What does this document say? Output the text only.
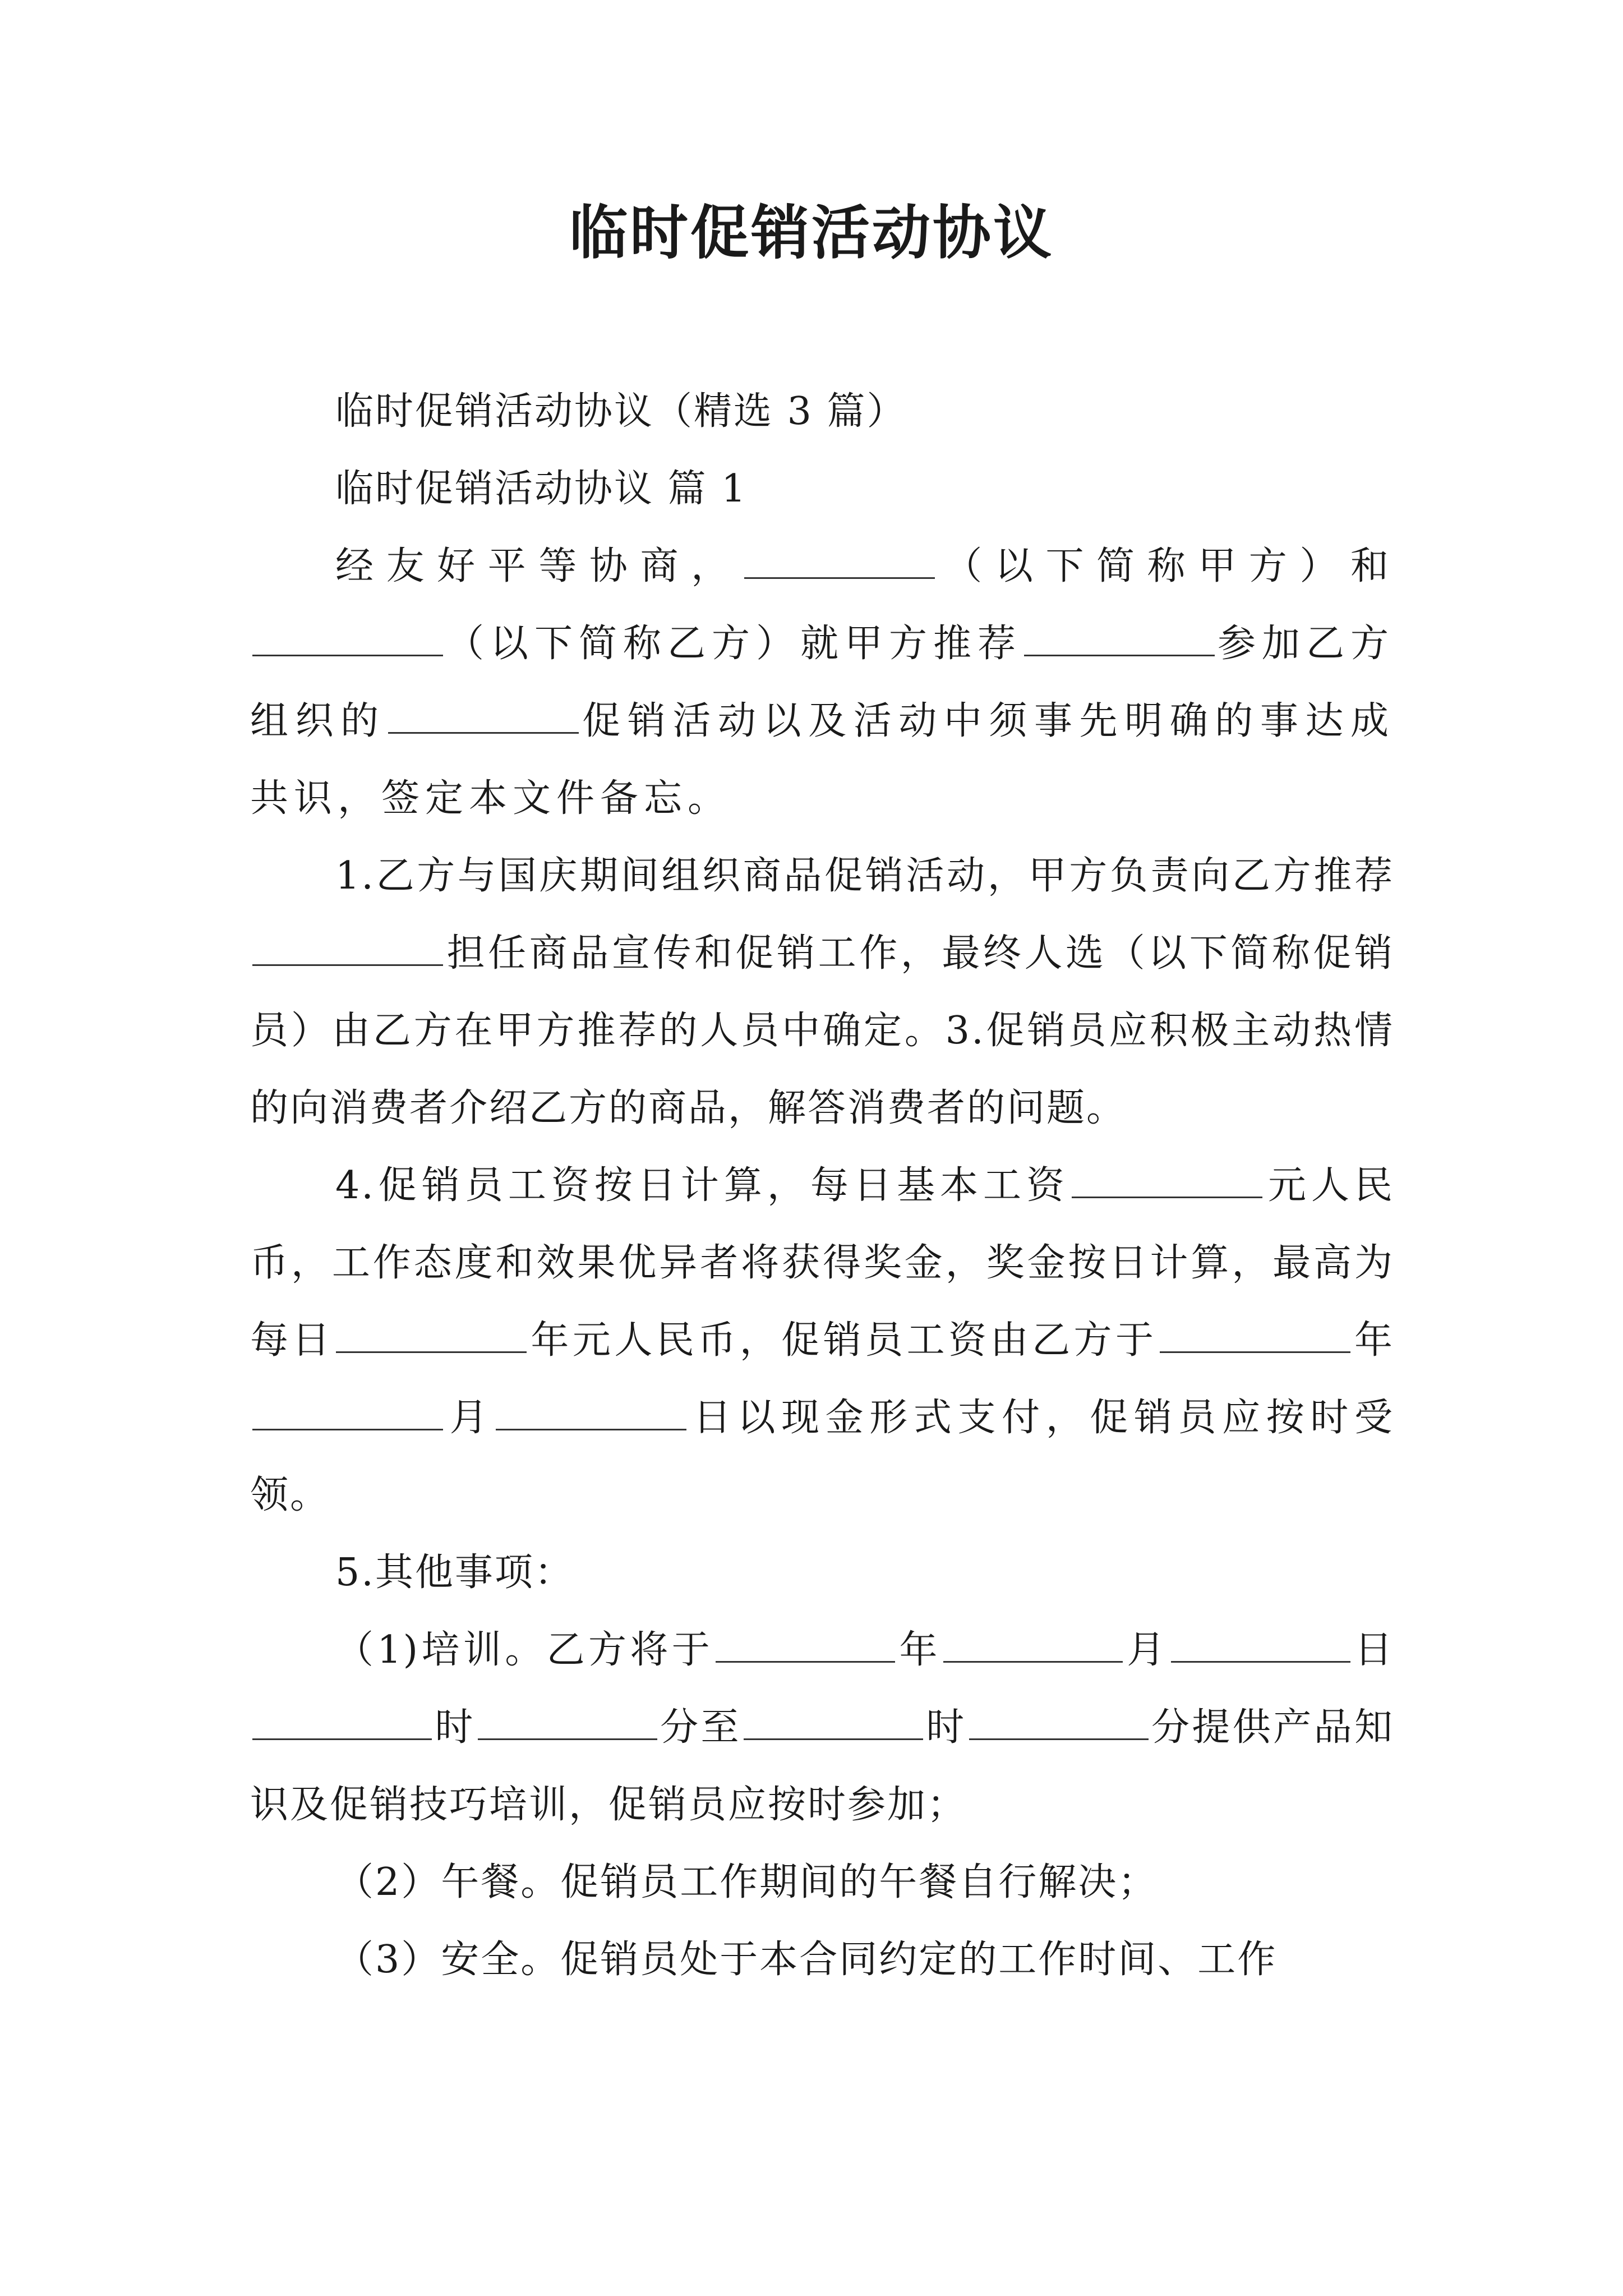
临时促销活动协议

临时促销活动协议（精选 3 篇）

临时促销活动协议 篇 1

经友好平等协商，	（以下简称甲方）和（以下简称乙方）就甲方推荐	参加乙方组织的	促销活动以及活动中须事先明确的事达成共识，签定本文件备忘。

1.乙方与国庆期间组织商品促销活动，甲方负责向乙方推荐担任商品宣传和促销工作，最终人选（以下简称促销员）由乙方在甲方推荐的人员中确定。3.促销员应积极主动热情的向消费者介绍乙方的商品，解答消费者的问题。

4.促销员工资按日计算，每日基本工资	元人民币，工作态度和效果优异者将获得奖金，奖金按日计算，最高为每日	年元人民币，促销员工资由乙方于	年月	日以现金形式支付，促销员应按时受领。

5.其他事项：

（1)培训。乙方将于	年	月	日时	分至	时	分提供产品知识及促销技巧培训，促销员应按时参加；

（2）午餐。促销员工作期间的午餐自行解决；

（3）安全。促销员处于本合同约定的工作时间、工作
